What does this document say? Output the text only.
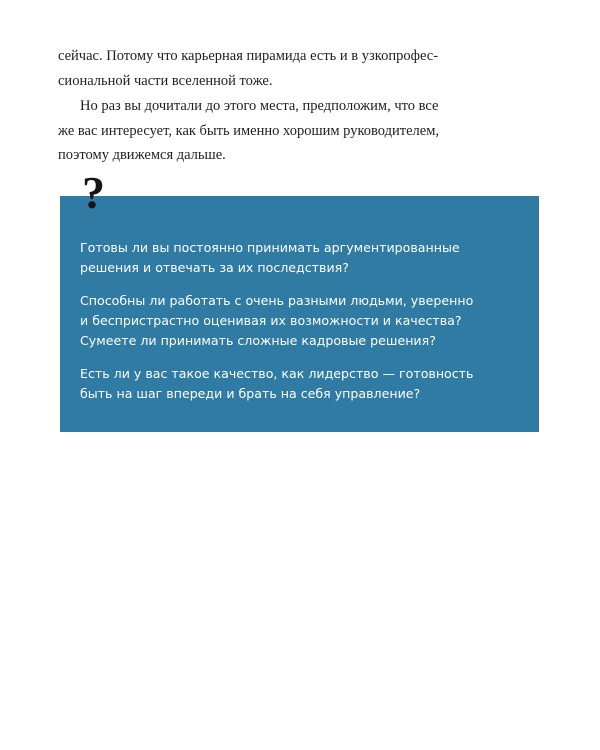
сейчас. Потому что карьерная пирамида есть и в узкопрофес-
сиональной части вселенной тоже.

Но раз вы дочитали до этого места, предположим, что все
же вас интересует, как быть именно хорошим руководителем,
поэтому движемся дальше.

?

Готовы ли вы постоянно принимать аргументированные
решения и отвечать за их последствия?

Способны ли работать с очень разными людьми, уверенно
и беспристрастно оценивая их возможности и качества?
Сумеете ли принимать сложные кадровые решения?

Есть ли у вас такое качество, как лидерство — готовность
быть на шаг впереди и брать на себя управление?
